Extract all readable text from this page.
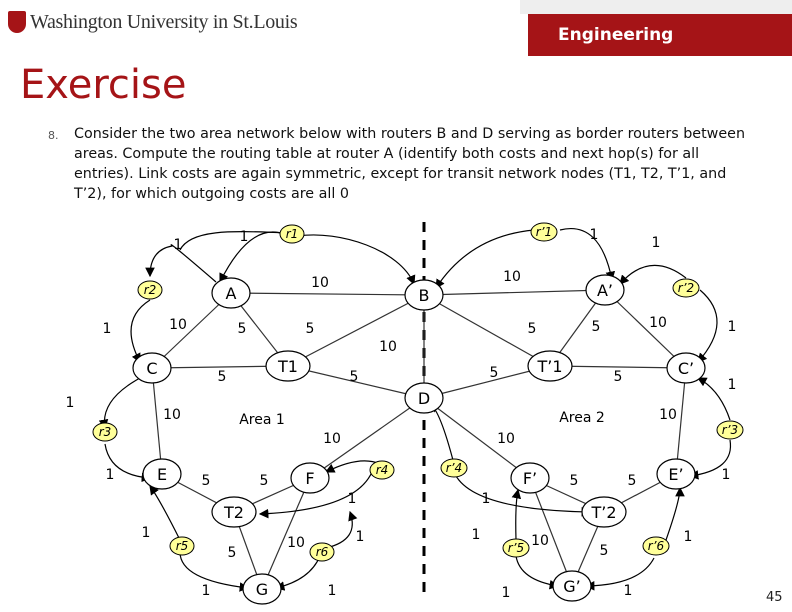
Washington University in St.Louis
Engineering
Exercise
8. Consider the two area network below with routers B and D serving as border routers between areas. Compute the routing table at router A (identify both costs and next hop(s) for all entries). Link costs are again symmetric, except for transit network nodes (T1, T2, T’1, and T’2), for which outgoing costs are all 0
A	B
C
D
E	F
G
T1
T2
A’
C’
E’
F’
G’
T’1
T’2
r1
r2
r3
r4
r5	r6
r’1
r’2
r’3
r’4
r’5	r’6
Area 1	Area 2
10
10	5	5
5	5
10
10
5	5
10
5
10
10
5	5	10
5	5
10
10
5	5
5
10
1
1
1
1
1
1
1
1	1
1
1	1
1
1
1
1
1
1	1
1
45
